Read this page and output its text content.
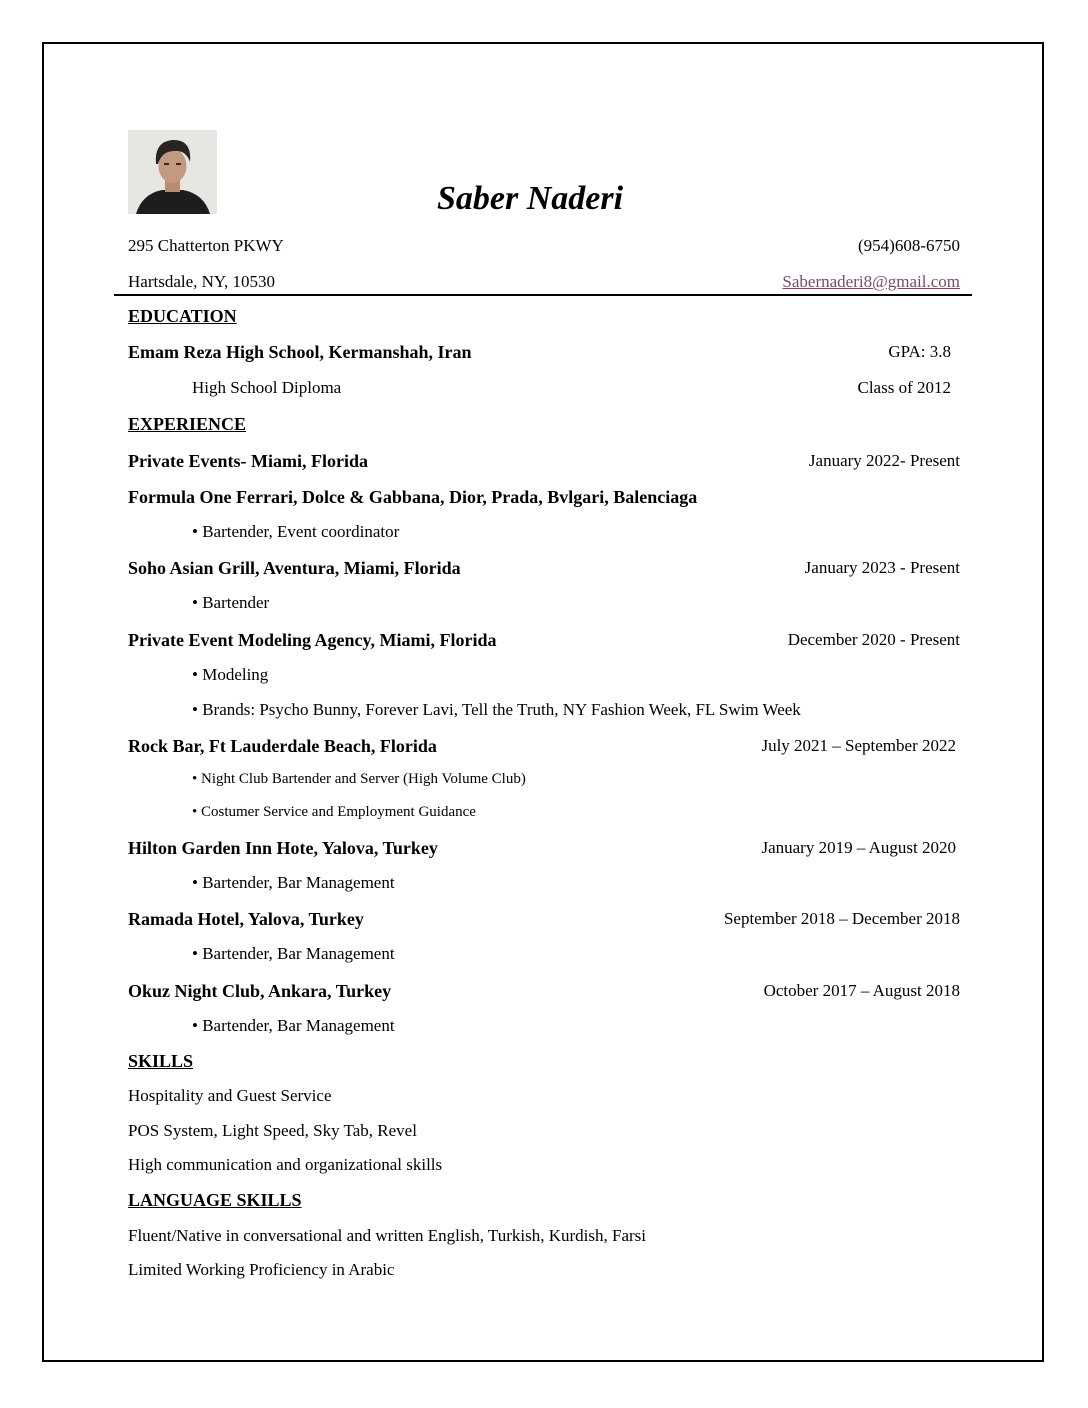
Saber Naderi
295 Chatterton PKWY	(954)608-6750
Hartsdale, NY, 10530	Sabernaderi8@gmail.com
EDUCATION
Emam Reza High School, Kermanshah, Iran	GPA: 3.8
High School Diploma	Class of 2012
EXPERIENCE
Private Events- Miami, Florida	January 2022- Present
Formula One Ferrari, Dolce & Gabbana, Dior, Prada, Bvlgari, Balenciaga
• Bartender, Event coordinator
Soho Asian Grill, Aventura, Miami, Florida	January 2023 - Present
• Bartender
Private Event Modeling Agency, Miami, Florida	December 2020 - Present
• Modeling
• Brands: Psycho Bunny, Forever Lavi, Tell the Truth, NY Fashion Week, FL Swim Week
Rock Bar, Ft Lauderdale Beach, Florida	July 2021 – September 2022
• Night Club Bartender and Server (High Volume Club)
• Costumer Service and Employment Guidance
Hilton Garden Inn Hote, Yalova, Turkey	January 2019 – August 2020
• Bartender, Bar Management
Ramada Hotel, Yalova, Turkey	September 2018 – December 2018
• Bartender, Bar Management
Okuz Night Club, Ankara, Turkey	October 2017 – August 2018
• Bartender, Bar Management
SKILLS
Hospitality and Guest Service
POS System, Light Speed, Sky Tab, Revel
High communication and organizational skills
LANGUAGE SKILLS
Fluent/Native in conversational and written English, Turkish, Kurdish, Farsi
Limited Working Proficiency in Arabic
